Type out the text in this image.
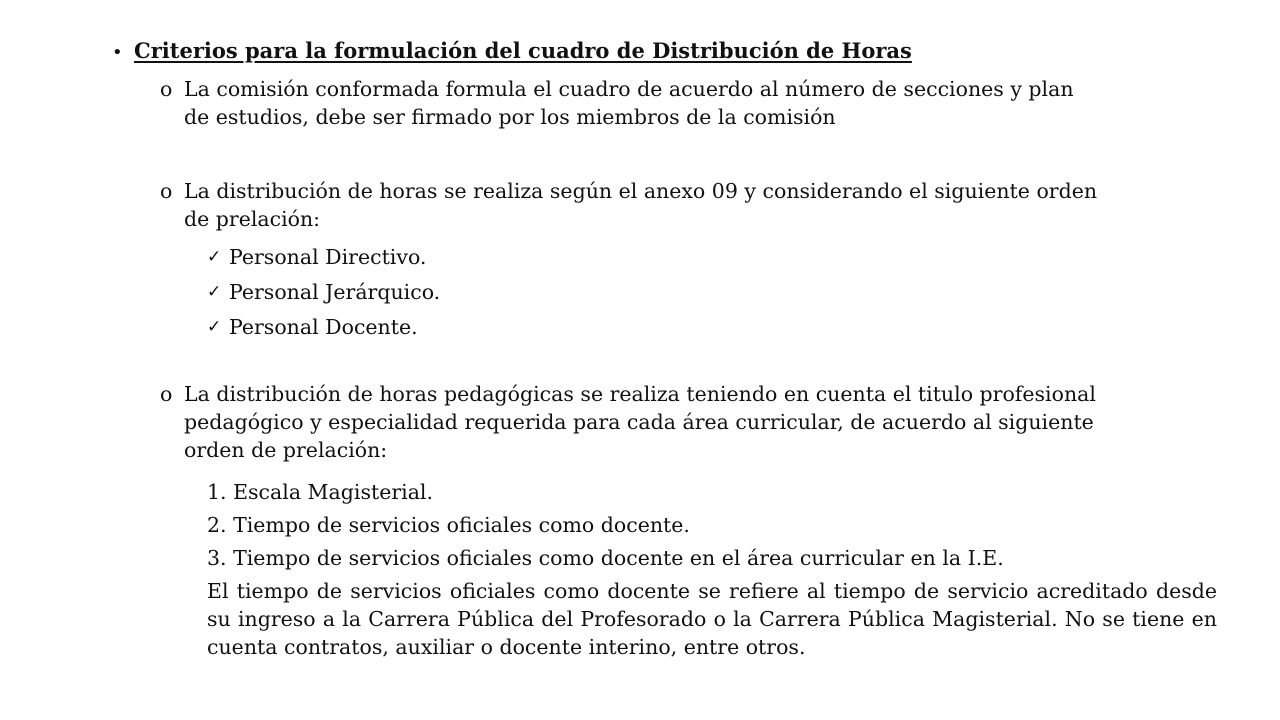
• Criterios para la formulación del cuadro de Distribución de Horas
o La comisión conformada formula el cuadro de acuerdo al número de secciones y plan
de estudios, debe ser firmado por los miembros de la comisión
o La distribución de horas se realiza según el anexo 09 y considerando el siguiente orden
de prelación:
✓ Personal Directivo.
✓ Personal Jerárquico.
✓ Personal Docente.
o La distribución de horas pedagógicas se realiza teniendo en cuenta el titulo profesional
pedagógico y especialidad requerida para cada área curricular, de acuerdo al siguiente
orden de prelación:
1. Escala Magisterial.
2. Tiempo de servicios oficiales como docente.
3. Tiempo de servicios oficiales como docente en el área curricular en la I.E.
El tiempo de servicios oficiales como docente se refiere al tiempo de servicio acreditado desde su ingreso a la Carrera Pública del Profesorado o la Carrera Pública Magisterial. No se tiene en cuenta contratos, auxiliar o docente interino, entre otros.
